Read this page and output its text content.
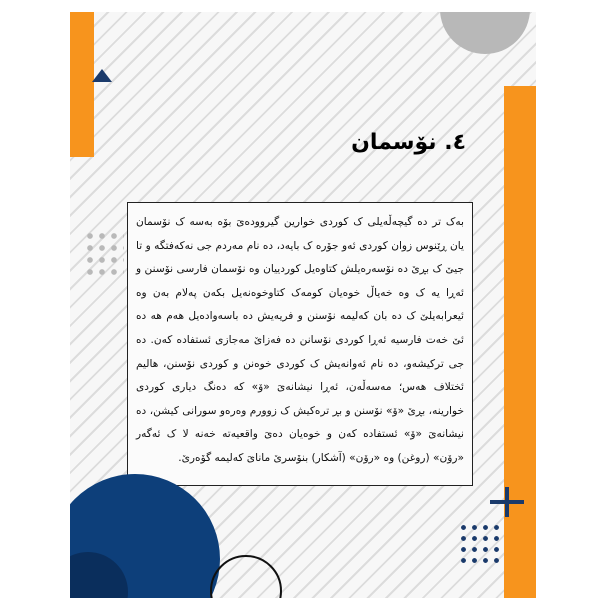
٤. نۆسمان

بەک تر دە گیچەڵەیلی ک کوردی خوارین گیروودەیَ بۆە بەسە ک نۆسمان یان ڕێنوس زوان کوردی ئەو جۆرە ک بایەد، دە نام مەردم جی نەکەفتگە و تا جیێ ک بڕێ دە نۆسەرەیلش کتاوەیل کوردییان وە نۆسمان فارسی نۆسنن و ئەڕا یە ک وە خەیاڵ خوەیان کومەک کتاوخوەنەیل بکەن پەلام بەن وە ئیعرابەیلێ ک دە بان کەلیمە نۆسنن و فریەیش دە باسەوادەیل هەم هە دە ئێ خەت فارسیە ئەڕا کوردی نۆسانن دە فەزاێ مەجازی ئستفادە کەن. دە جی ترکیشەو، دە نام ئەوانەیش ک کوردی خوەنن و کوردی نۆسنن، هالیم ئختلاف هەس؛ مەسەڵەن، ئەڕا نیشانەیَ «ۆ» کە دەنگ دیاری کوردی خوارینە، بڕێ «ۆ» نۆسنن و بڕ ترەکیش ک زوورم وەرەو سورانی کیشن، دە نیشانەیَ «ۆ» ئستفادە کەن و خوەیان دەیَ واقعیەتە خەنە لا ک ئەگەر «رۆن» (روغن) وە «رۆن» (آشکار) بنۆسرێ مانایَ کەلیمە گۆەرێ.
